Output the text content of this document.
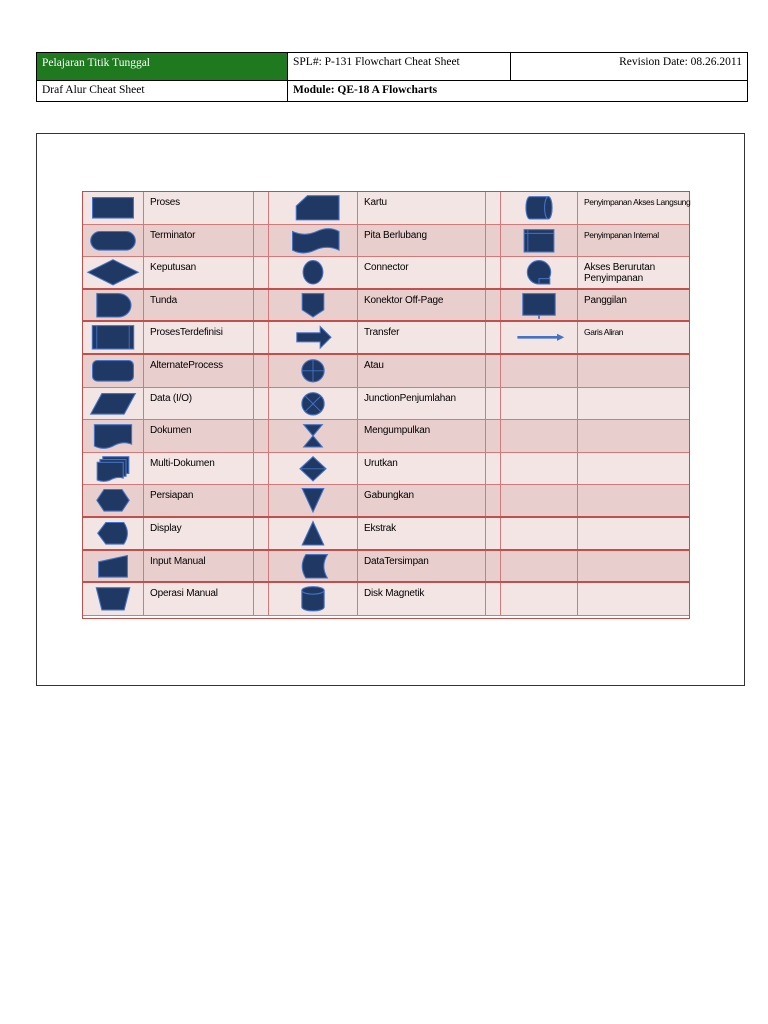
Pelajaran Titik Tunggal	SPL#: P-131 Flowchart Cheat Sheet	Revision Date: 08.26.2011
Draf Alur Cheat Sheet	Module: QE-18 A Flowcharts
Proses	Kartu	Penyimpanan Akses Langsung
Terminator	Pita Berlubang	Penyimpanan Internal
Keputusan	Connector	Akses Berurutan
Penyimpanan
Tunda	Konektor Off-Page	Panggilan
ProsesTerdefinisi	Transfer	Garis Aliran
AlternateProcess	Atau
Data (I/O)	JunctionPenjumlahan
Dokumen	Mengumpulkan
Multi-Dokumen	Urutkan
Persiapan	Gabungkan
Display	Ekstrak
Input Manual	DataTersimpan
Operasi Manual	Disk Magnetik
